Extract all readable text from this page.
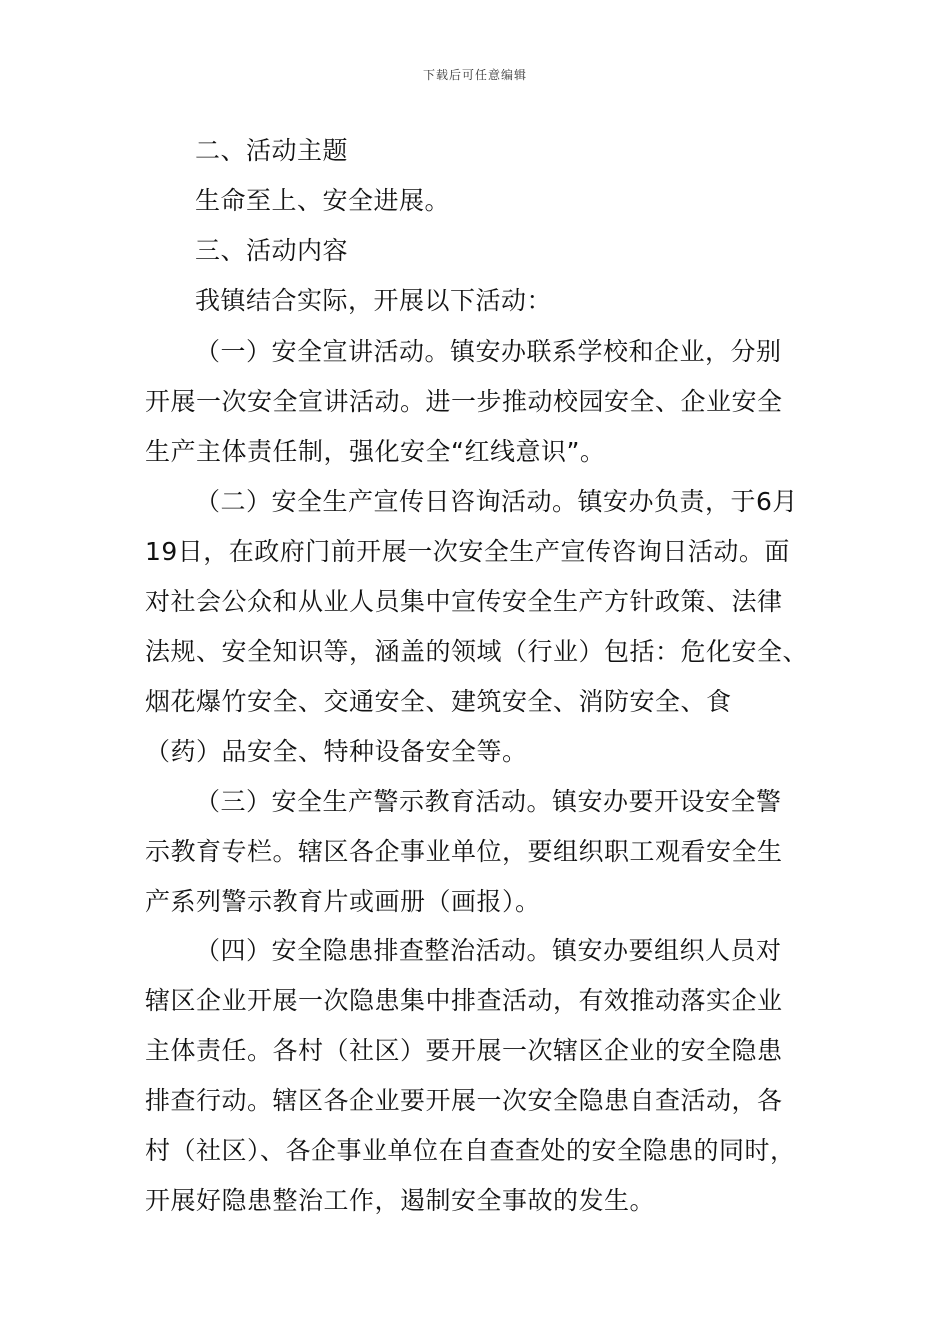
下载后可任意编辑
二、活动主题
生命至上、安全进展。
三、活动内容
我镇结合实际，开展以下活动：
（一）安全宣讲活动。镇安办联系学校和企业，分别
开展一次安全宣讲活动。进一步推动校园安全、企业安全
生产主体责任制，强化安全“红线意识”。
（二）安全生产宣传日咨询活动。镇安办负责，于6月
19日，在政府门前开展一次安全生产宣传咨询日活动。面
对社会公众和从业人员集中宣传安全生产方针政策、法律
法规、安全知识等，涵盖的领域（行业）包括：危化安全、
烟花爆竹安全、交通安全、建筑安全、消防安全、食
（药）品安全、特种设备安全等。
（三）安全生产警示教育活动。镇安办要开设安全警
示教育专栏。辖区各企事业单位，要组织职工观看安全生
产系列警示教育片或画册（画报）。
（四）安全隐患排查整治活动。镇安办要组织人员对
辖区企业开展一次隐患集中排查活动，有效推动落实企业
主体责任。各村（社区）要开展一次辖区企业的安全隐患
排查行动。辖区各企业要开展一次安全隐患自查活动，各
村（社区）、各企事业单位在自查查处的安全隐患的同时，
开展好隐患整治工作，遏制安全事故的发生。
